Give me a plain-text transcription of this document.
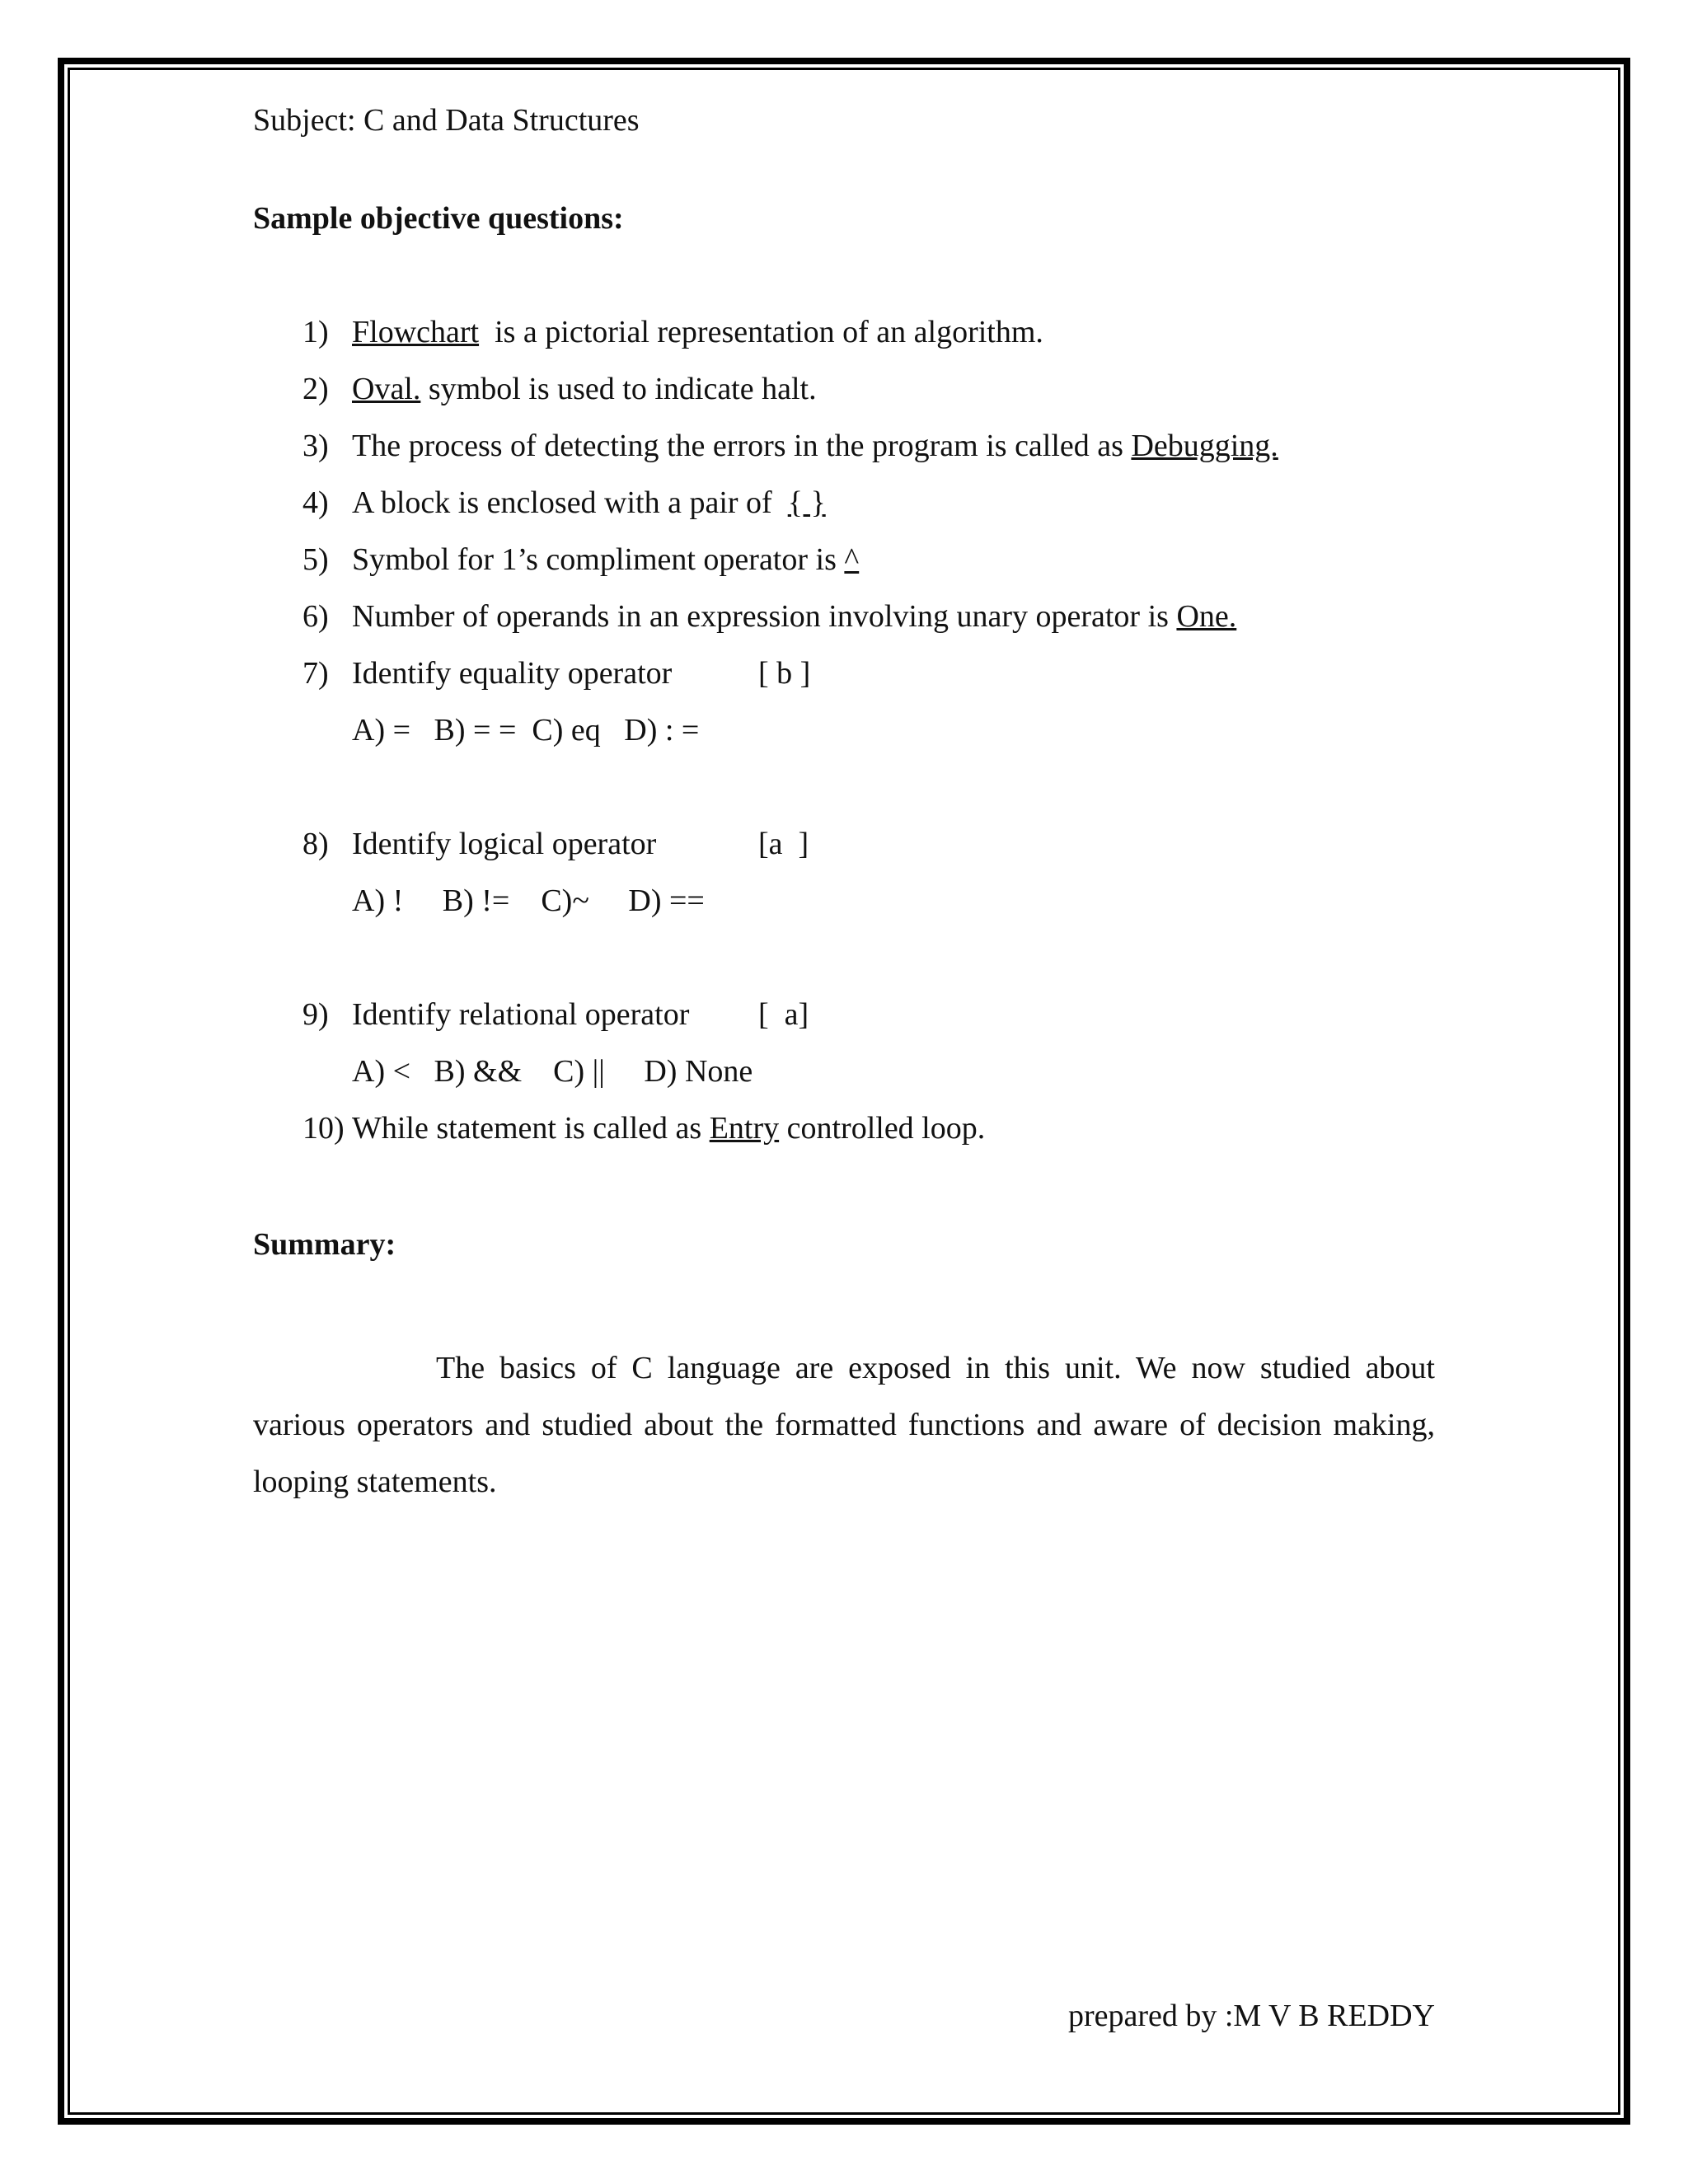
Subject: C and Data Structures
Sample objective questions:
1) Flowchart  is a pictorial representation of an algorithm.
2) Oval. symbol is used to indicate halt.
3) The process of detecting the errors in the program is called as Debugging.
4) A block is enclosed with a pair of  { }
5) Symbol for 1’s compliment operator is ^
6) Number of operands in an expression involving unary operator is One.
7) Identify equality operator	[ b ]
A) =   B) = =  C) eq   D) : =
8) Identify logical operator	[a  ]
A) !     B) !=    C)~     D) ==
9) Identify relational operator [  a]
A) <   B) &&    C) ||     D) None
10) While statement is called as Entry controlled loop.
Summary:
The basics of C language are exposed in this unit. We now studied about various operators and studied about the formatted functions and aware of decision making, looping statements.
prepared by :M V B REDDY
